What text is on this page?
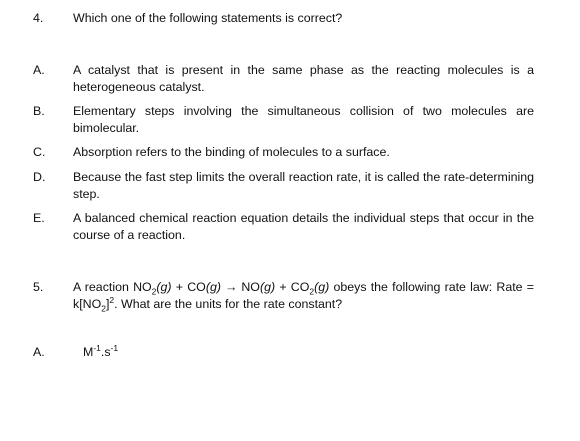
4. Which one of the following statements is correct?
A. A catalyst that is present in the same phase as the reacting molecules is a heterogeneous catalyst.
B. Elementary steps involving the simultaneous collision of two molecules are bimolecular.
C. Absorption refers to the binding of molecules to a surface.
D. Because the fast step limits the overall reaction rate, it is called the rate-determining step.
E. A balanced chemical reaction equation details the individual steps that occur in the course of a reaction.
5. A reaction $NO_2(g) + CO(g) \to NO(g) + CO_2(g)$ obeys the following rate law: Rate = $k[NO_2]^2$. What are the units for the rate constant?
A.	$M^{-1}.s^{-1}$
